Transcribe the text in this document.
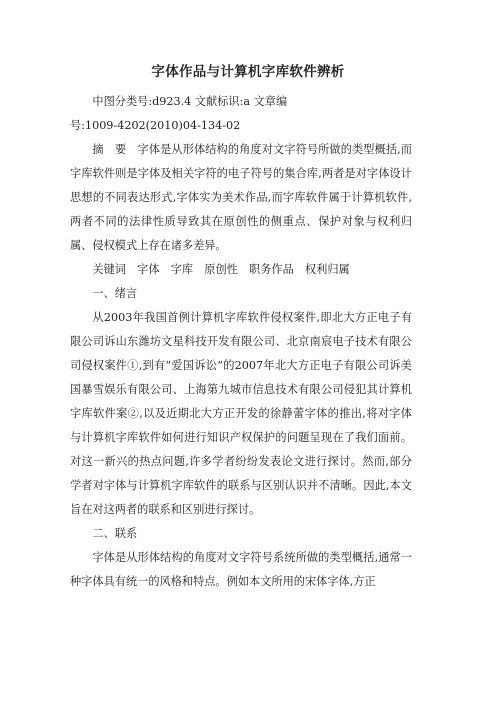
字体作品与计算机字库软件辨析

中图分类号:d923.4 文献标识:a 文章编

号:1009-4202(2010)04-134-02

摘　要　字体是从形体结构的角度对文字符号所做的类型概括,而字库软件则是字体及相关字符的电子符号的集合库,两者是对字体设计思想的不同表达形式,字体实为美术作品,而字库软件属于计算机软件,两者不同的法律性质导致其在原创性的侧重点、保护对象与权利归属、侵权模式上存在诸多差异。

关键词　字体　字库　原创性　职务作品　权利归属

一、绪言

从2003年我国首例计算机字库软件侵权案件,即北大方正电子有限公司诉山东潍坊文星科技开发有限公司、北京南宸电子技术有限公司侵权案件①,到有“爱国诉讼”的2007年北大方正电子有限公司诉美国暴雪娱乐有限公司、上海第九城市信息技术有限公司侵犯其计算机字库软件案②,以及近期北大方正开发的徐静蕾字体的推出,将对字体与计算机字库软件如何进行知识产权保护的问题呈现在了我们面前。对这一新兴的热点问题,许多学者纷纷发表论文进行探讨。然而,部分学者对字体与计算机字库软件的联系与区别认识并不清晰。因此,本文旨在对这两者的联系和区别进行探讨。

二、联系

字体是从形体结构的角度对文字符号系统所做的类型概括,通常一种字体具有统一的风格和特点。例如本文所用的宋体字体,方正
